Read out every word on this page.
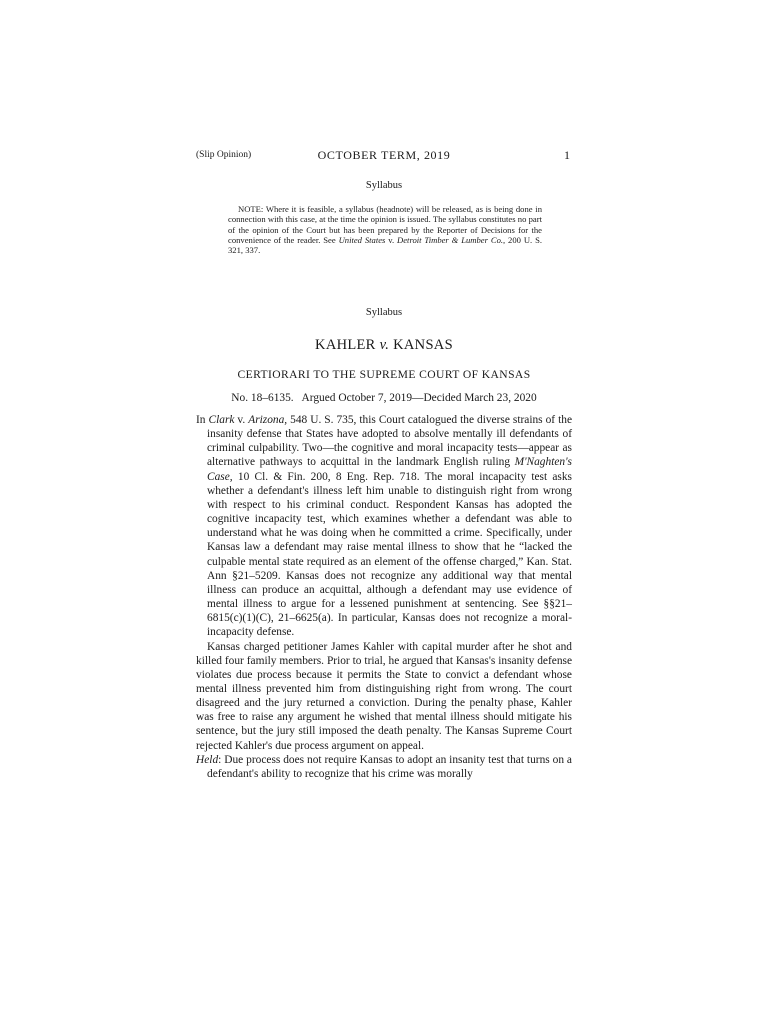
(Slip Opinion)	OCTOBER TERM, 2019	1
Syllabus

NOTE: Where it is feasible, a syllabus (headnote) will be released, as is being done in connection with this case, at the time the opinion is issued. The syllabus constitutes no part of the opinion of the Court but has been prepared by the Reporter of Decisions for the convenience of the reader. See United States v. Detroit Timber & Lumber Co., 200 U. S. 321, 337.

Syllabus
KAHLER v. KANSAS
CERTIORARI TO THE SUPREME COURT OF KANSAS
No. 18–6135.   Argued October 7, 2019—Decided March 23, 2020

In Clark v. Arizona, 548 U. S. 735, this Court catalogued the diverse strains of the insanity defense that States have adopted to absolve mentally ill defendants of criminal culpability. Two—the cognitive and moral incapacity tests—appear as alternative pathways to acquittal in the landmark English ruling M'Naghten's Case, 10 Cl. & Fin. 200, 8 Eng. Rep. 718. The moral incapacity test asks whether a defendant's illness left him unable to distinguish right from wrong with respect to his criminal conduct. Respondent Kansas has adopted the cognitive incapacity test, which examines whether a defendant was able to understand what he was doing when he committed a crime. Specifically, under Kansas law a defendant may raise mental illness to show that he “lacked the culpable mental state required as an element of the offense charged,” Kan. Stat. Ann §21–5209. Kansas does not recognize any additional way that mental illness can produce an acquittal, although a defendant may use evidence of mental illness to argue for a lessened punishment at sentencing. See §§21–6815(c)(1)(C), 21–6625(a). In particular, Kansas does not recognize a moral-incapacity defense.

Kansas charged petitioner James Kahler with capital murder after he shot and killed four family members. Prior to trial, he argued that Kansas's insanity defense violates due process because it permits the State to convict a defendant whose mental illness prevented him from distinguishing right from wrong. The court disagreed and the jury returned a conviction. During the penalty phase, Kahler was free to raise any argument he wished that mental illness should mitigate his sentence, but the jury still imposed the death penalty. The Kansas Supreme Court rejected Kahler's due process argument on appeal.

Held: Due process does not require Kansas to adopt an insanity test that turns on a defendant's ability to recognize that his crime was morally
